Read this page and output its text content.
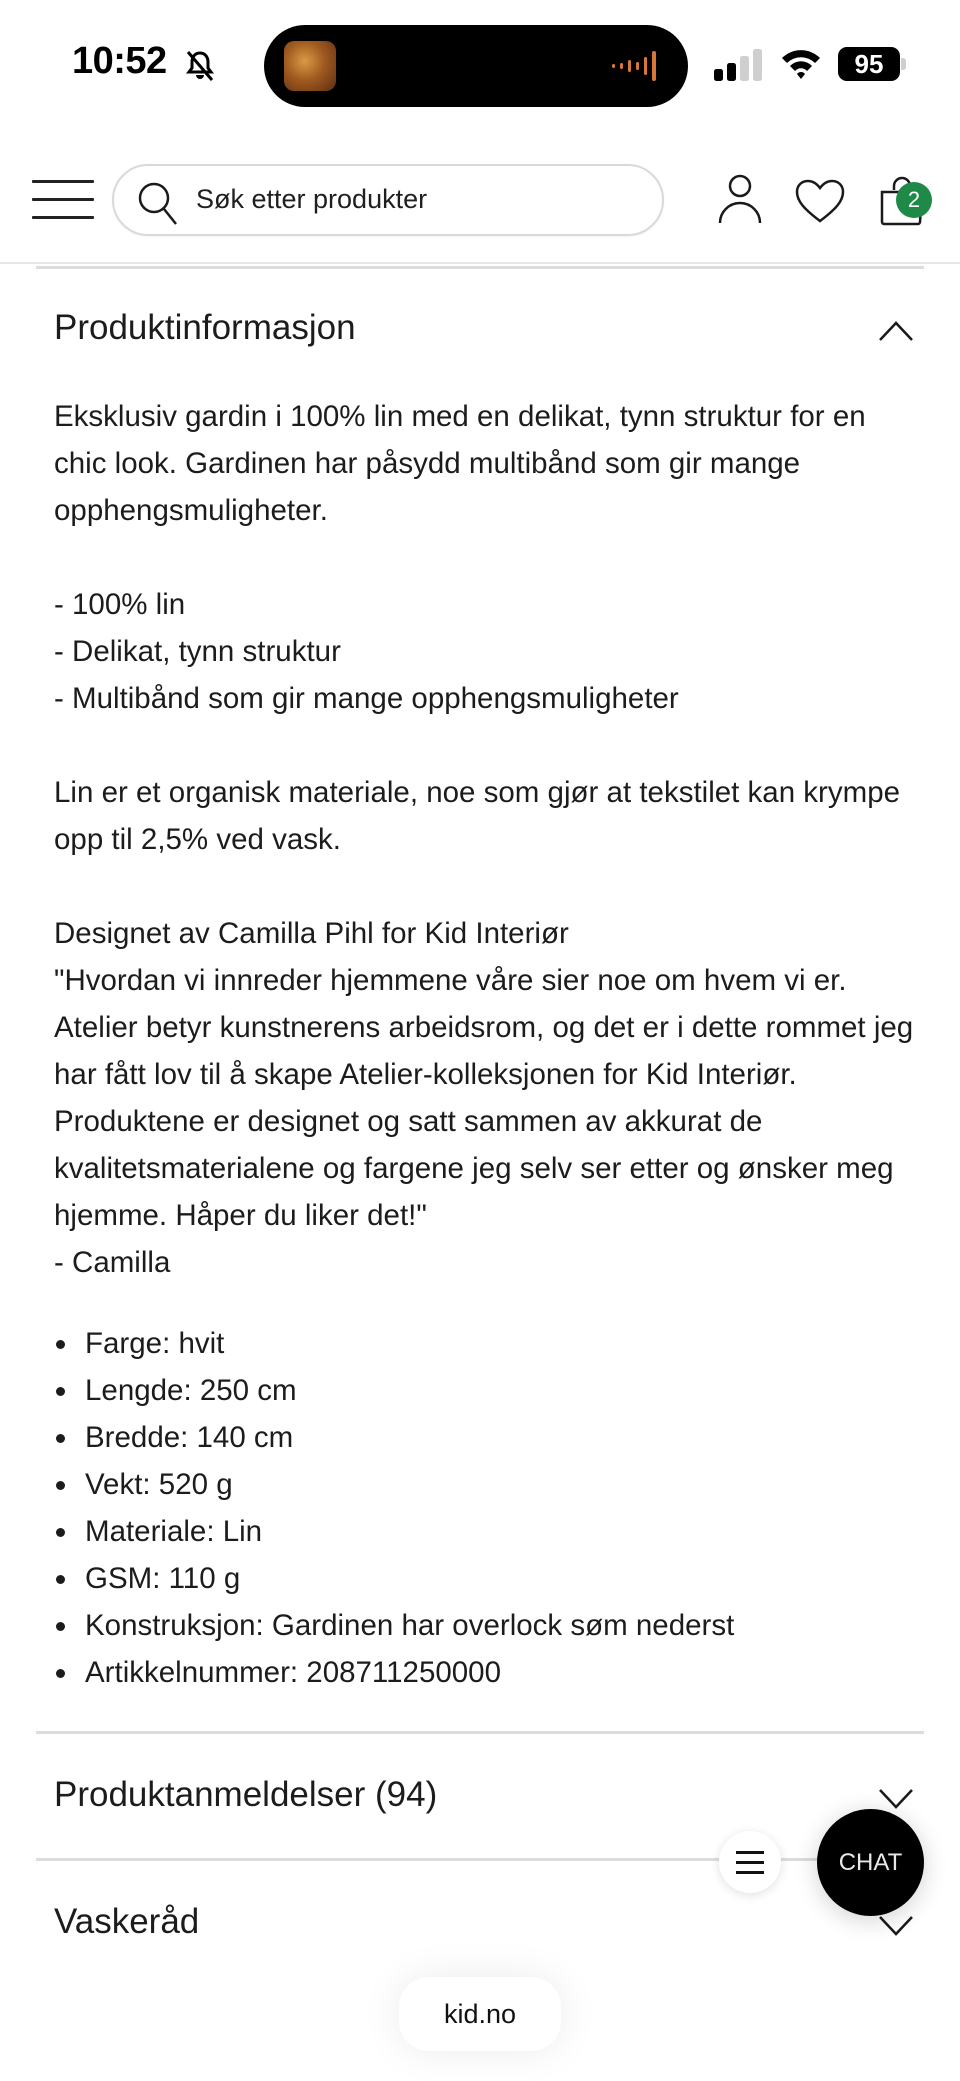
10:52	95
Søk etter produkter	2
Produktinformasjon

Eksklusiv gardin i 100% lin med en delikat, tynn struktur for en chic look. Gardinen har påsydd multibånd som gir mange opphengsmuligheter.

- 100% lin

- Delikat, tynn struktur

- Multibånd som gir mange opphengsmuligheter

Lin er et organisk materiale, noe som gjør at tekstilet kan krympe opp til 2,5% ved vask.

Designet av Camilla Pihl for Kid Interiør

"Hvordan vi innreder hjemmene våre sier noe om hvem vi er. Atelier betyr kunstnerens arbeidsrom, og det er i dette rommet jeg har fått lov til å skape Atelier-kolleksjonen for Kid Interiør. Produktene er designet og satt sammen av akkurat de kvalitetsmaterialene og fargene jeg selv ser etter og ønsker meg hjemme. Håper du liker det!"

- Camilla

Farge: hvit
Lengde: 250 cm
Bredde: 140 cm
Vekt: 520 g
Materiale: Lin
GSM: 110 g
Konstruksjon: Gardinen har overlock søm nederst
Artikkelnummer: 208711250000
Produktanmeldelser (94)
Vaskeråd
CHAT
kid.no
